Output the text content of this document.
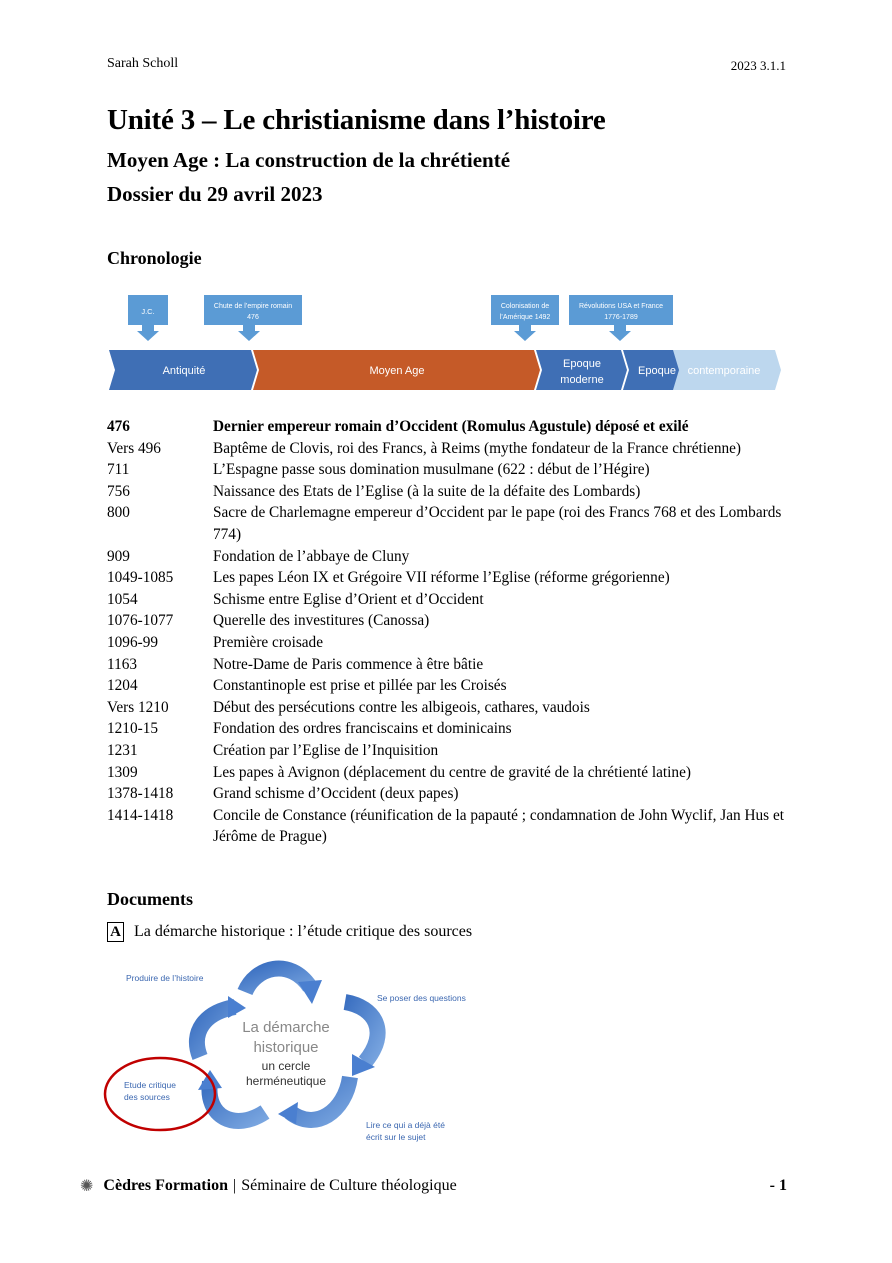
Sarah Scholl	2023 3.1.1
Unité 3 – Le christianisme dans l’histoire
Moyen Age : La construction de la chrétienté
Dossier du 29 avril 2023
Chronologie
J.C.
Chute de l’empire romain
476
Colonisation de
l’Amérique 1492
Révolutions USA et France
1776-1789
Antiquité	Moyen Age
Epoque
moderne
Epoque contemporaine
476	Dernier empereur romain d’Occident (Romulus Agustule) déposé et exilé
Vers 496	Baptême de Clovis, roi des Francs, à Reims (mythe fondateur de la France chrétienne)
711	L’Espagne passe sous domination musulmane (622 : début de l’Hégire)
756	Naissance des Etats de l’Eglise (à la suite de la défaite des Lombards)
800	Sacre de Charlemagne empereur d’Occident par le pape (roi des Francs 768 et des Lombards 774)
909	Fondation de l’abbaye de Cluny
1049-1085	Les papes Léon IX et Grégoire VII réforme l’Eglise (réforme grégorienne)
1054	Schisme entre Eglise d’Orient et d’Occident
1076-1077	Querelle des investitures (Canossa)
1096-99	Première croisade
1163	Notre-Dame de Paris commence à être bâtie
1204	Constantinople est prise et pillée par les Croisés
Vers 1210	Début des persécutions contre les albigeois, cathares, vaudois
1210-15	Fondation des ordres franciscains et dominicains
1231	Création par l’Eglise de l’Inquisition
1309	Les papes à Avignon (déplacement du centre de gravité de la chrétienté latine)
1378-1418	Grand schisme d’Occident (deux papes)
1414-1418	Concile de Constance (réunification de la papauté ; condamnation de John Wyclif, Jan Hus et Jérôme de Prague)
Documents
A La démarche historique : l’étude critique des sources
La démarche
historique
un cercle
herméneutique
Produire de l’histoire
Se poser des questions
Etude critique
des sources
Lire ce qui a déjà été
écrit sur le sujet
✺ Cèdres Formation | Séminaire de Culture théologique	- 1
